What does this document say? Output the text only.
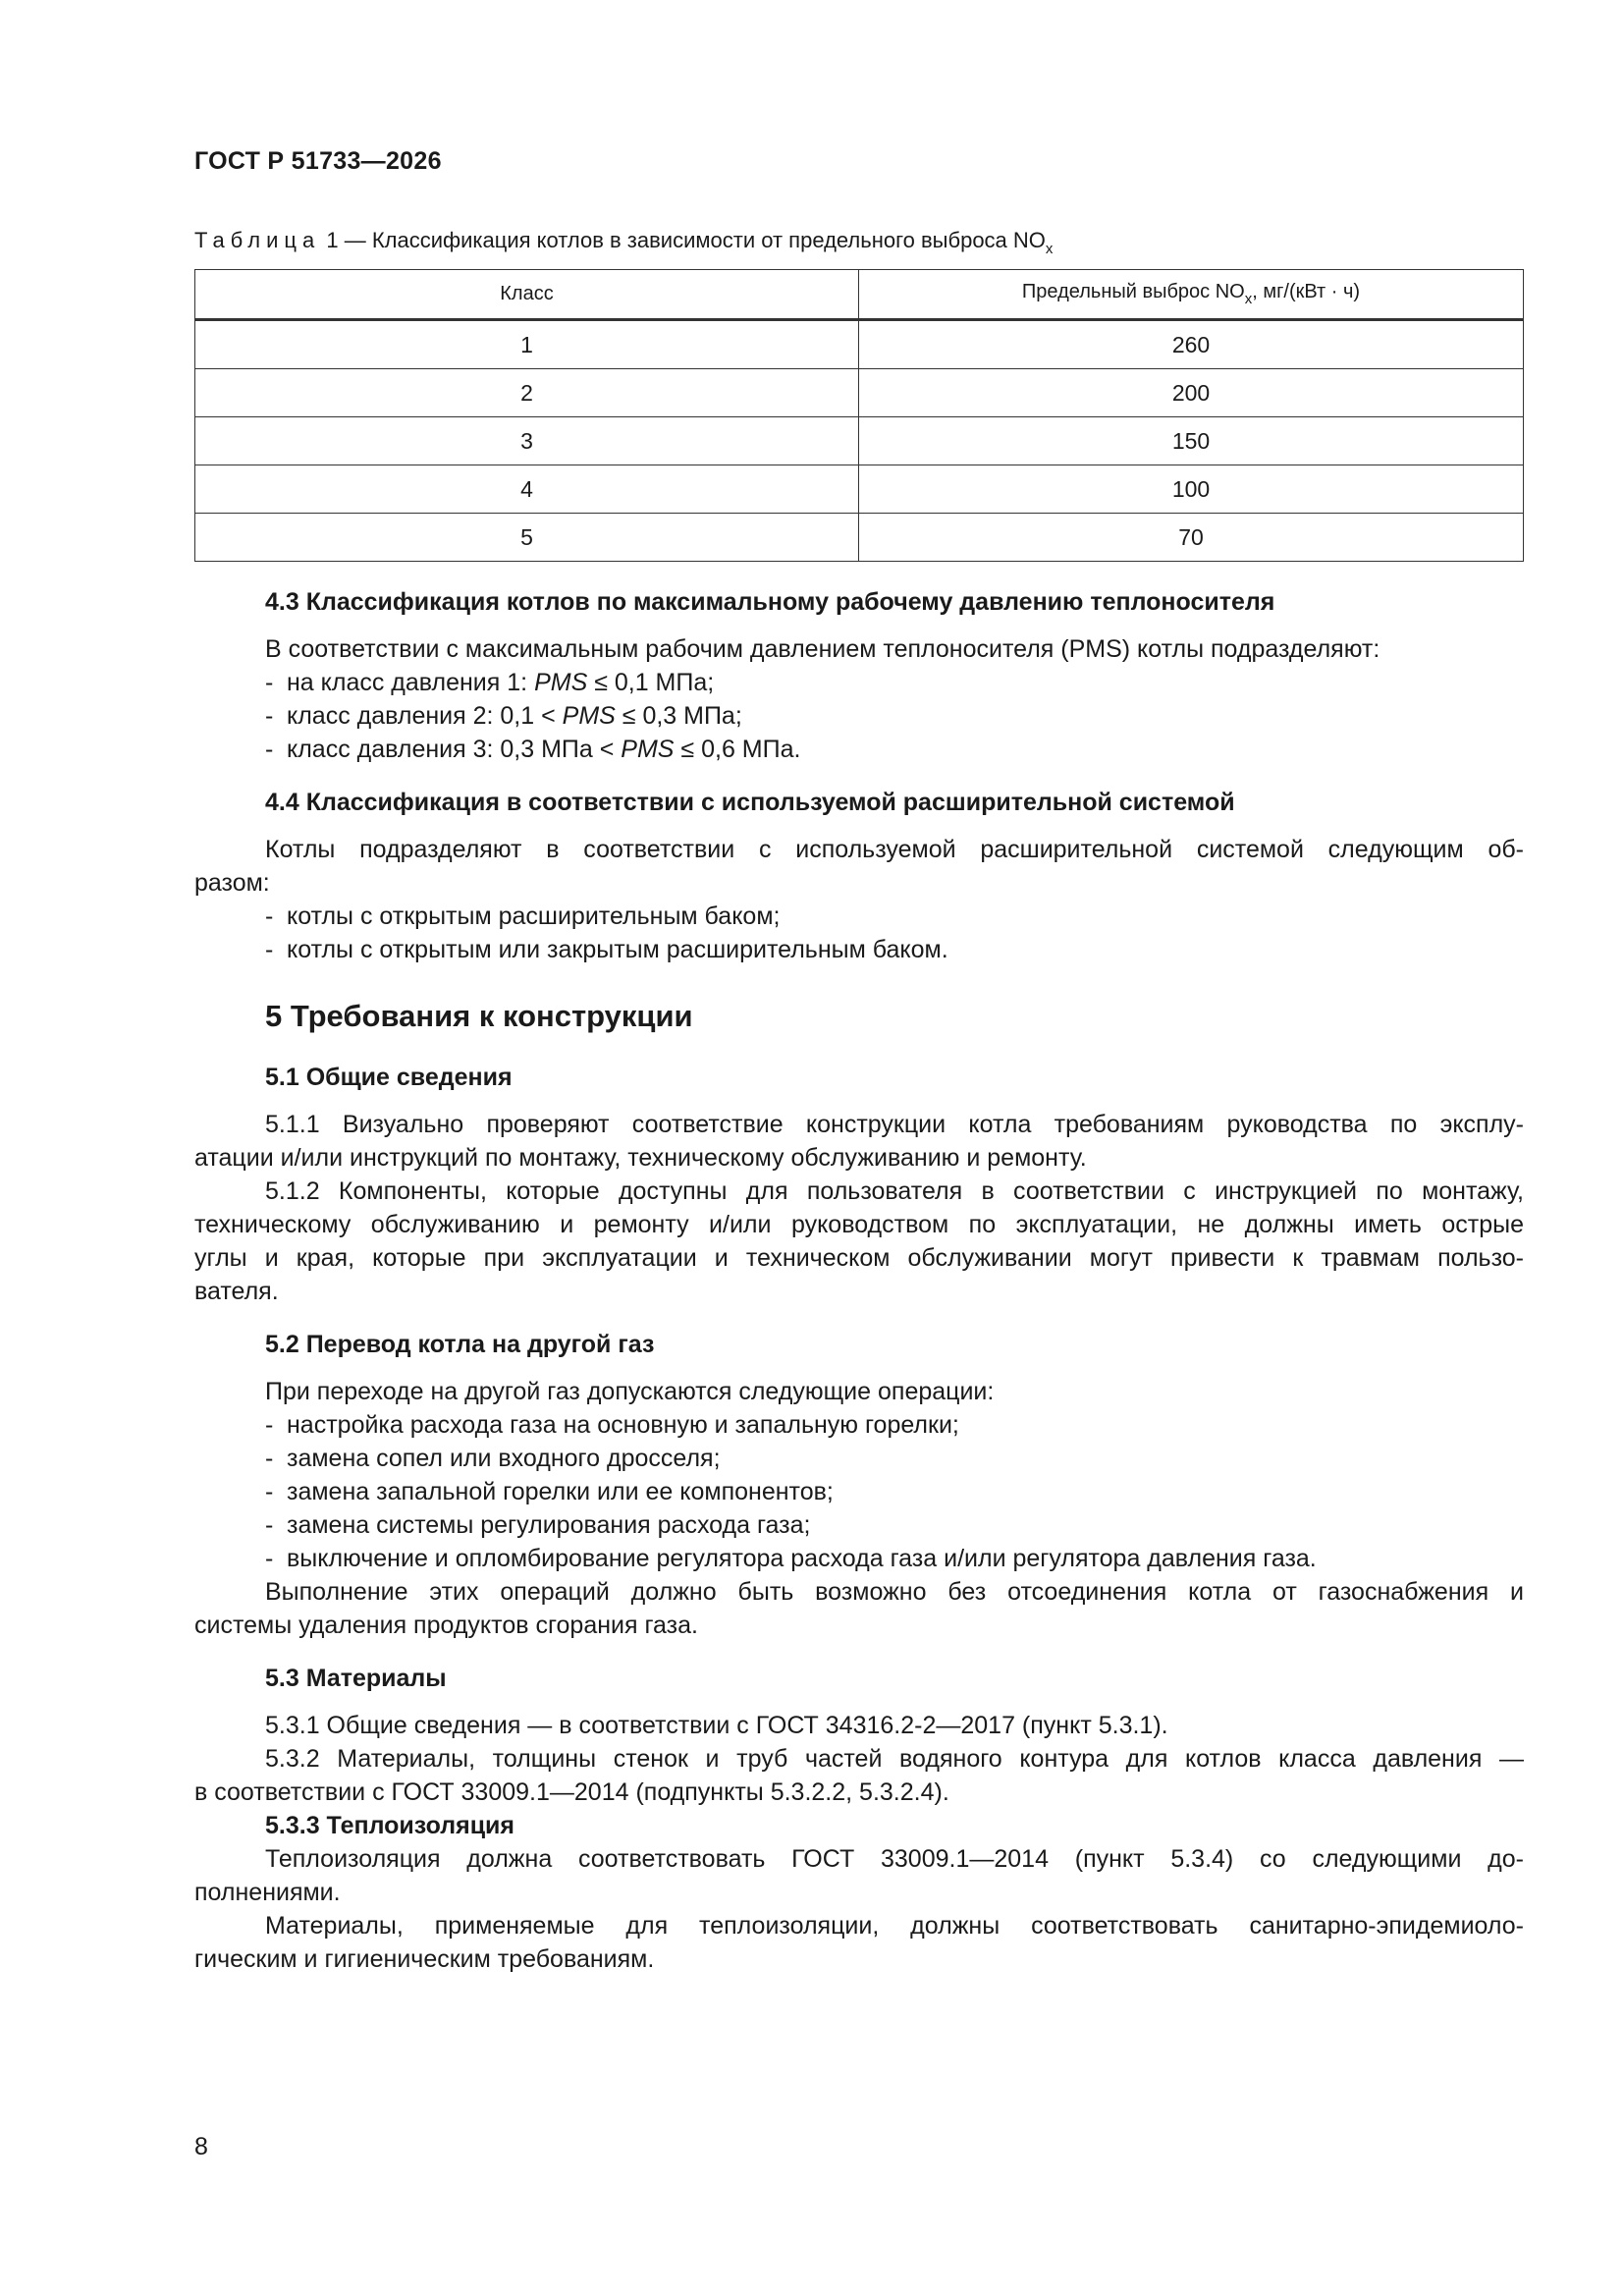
ГОСТ Р 51733—2026
Таблица 1 — Классификация котлов в зависимости от предельного выброса $NO_x$
Класс	Предельный выброс $NO_x$, мг/(кВт · ч)
1	260
2	200
3	150
4	100
5	70

4.3 Классификация котлов по максимальному рабочему давлению теплоносителя

В соответствии с максимальным рабочим давлением теплоносителя (PMS) котлы подразделяют:

- на класс давления 1: PMS ≤ 0,1 МПа;

- класс давления 2: 0,1 < PMS ≤ 0,3 МПа;

- класс давления 3: 0,3 МПа < PMS ≤ 0,6 МПа.

4.4 Классификация в соответствии с используемой расширительной системой

Котлы подразделяют в соответствии с используемой расширительной системой следующим об-

разом:

- котлы с открытым расширительным баком;

- котлы с открытым или закрытым расширительным баком.

5 Требования к конструкции

5.1 Общие сведения

5.1.1 Визуально проверяют соответствие конструкции котла требованиям руководства по эксплу-

атации и/или инструкций по монтажу, техническому обслуживанию и ремонту.

5.1.2 Компоненты, которые доступны для пользователя в соответствии с инструкцией по монтажу,

техническому обслуживанию и ремонту и/или руководством по эксплуатации, не должны иметь острые

углы и края, которые при эксплуатации и техническом обслуживании могут привести к травмам пользо-

вателя.

5.2 Перевод котла на другой газ

При переходе на другой газ допускаются следующие операции:

- настройка расхода газа на основную и запальную горелки;

- замена сопел или входного дросселя;

- замена запальной горелки или ее компонентов;

- замена системы регулирования расхода газа;

- выключение и опломбирование регулятора расхода газа и/или регулятора давления газа.

Выполнение этих операций должно быть возможно без отсоединения котла от газоснабжения и

системы удаления продуктов сгорания газа.

5.3 Материалы

5.3.1 Общие сведения — в соответствии с ГОСТ 34316.2-2—2017 (пункт 5.3.1).

5.3.2 Материалы, толщины стенок и труб частей водяного контура для котлов класса давления —

в соответствии с ГОСТ 33009.1—2014 (подпункты 5.3.2.2, 5.3.2.4).

5.3.3 Теплоизоляция

Теплоизоляция должна соответствовать ГОСТ 33009.1—2014 (пункт 5.3.4) со следующими до-

полнениями.

Материалы, применяемые для теплоизоляции, должны соответствовать санитарно-эпидемиоло-

гическим и гигиеническим требованиям.

8
